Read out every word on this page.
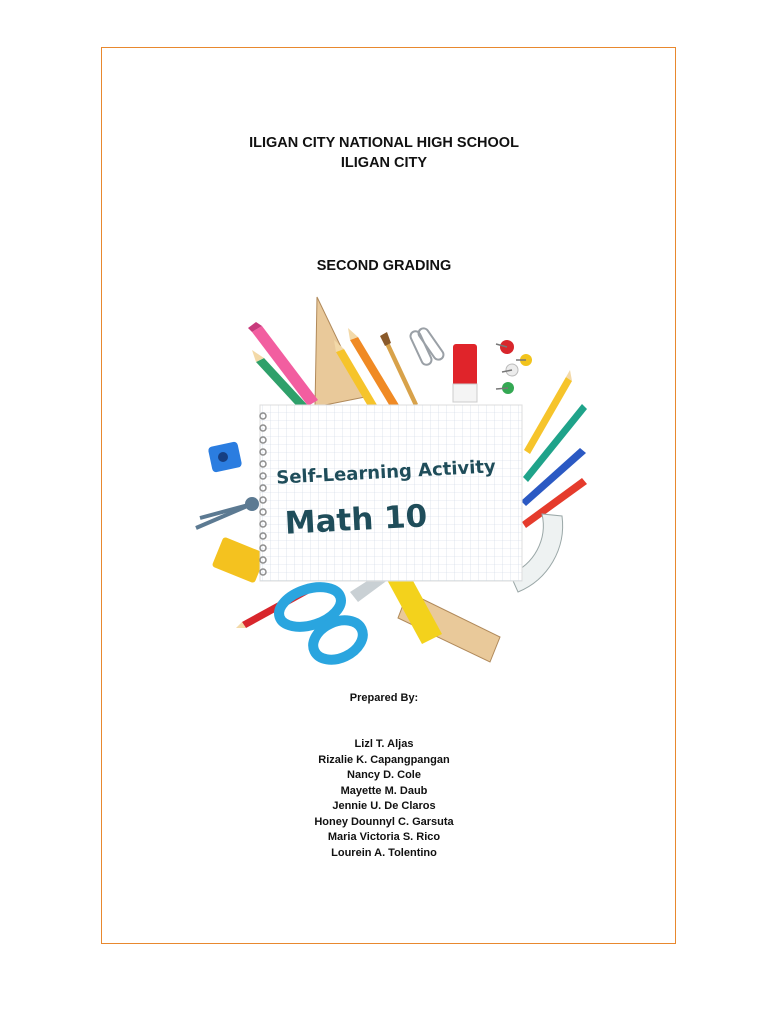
ILIGAN CITY NATIONAL HIGH SCHOOL
ILIGAN CITY
SECOND GRADING
Self-Learning Activity
Math 10
Prepared By:
Lizl T. Aljas
Rizalie K. Capangpangan
Nancy D. Cole
Mayette M. Daub
Jennie U. De Claros
Honey Dounnyl C. Garsuta
Maria Victoria S. Rico
Lourein A. Tolentino
